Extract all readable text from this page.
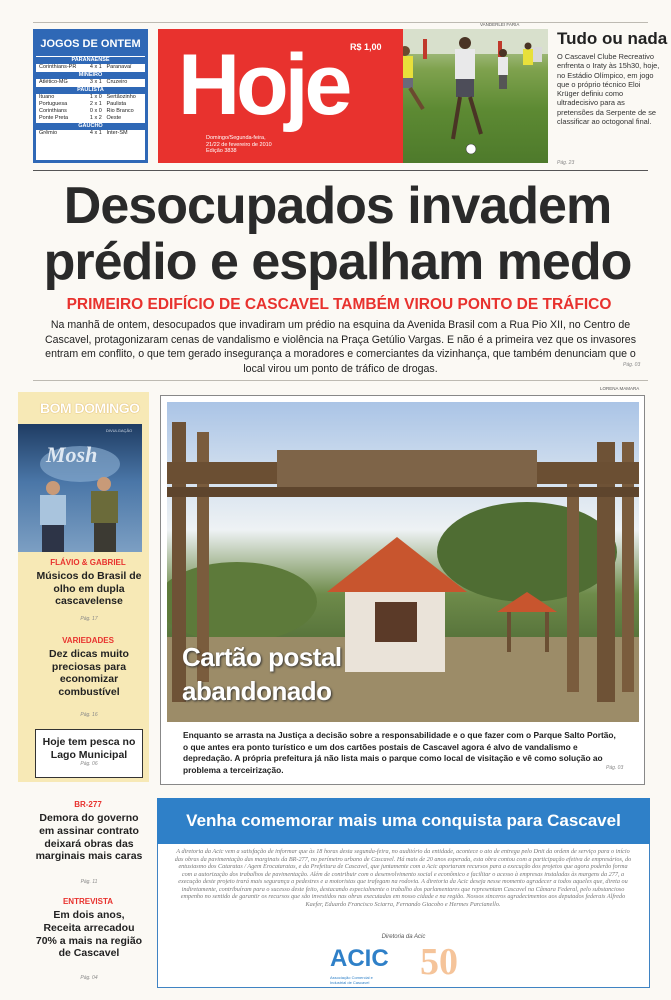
JOGOS DE ONTEM
PARANAENSE
Corinthians-PR	4 x 1 Paranavaí
MINEIRO
Atlético-MG	3 x 1 Cruzeiro
PAULISTA
Ituano	1 x 0 Sertãozinho
Portuguesa	2 x 1 Paulista
Corinthians	0 x 0 Rio Branco
Ponte Preta	1 x 2 Oeste
GAÚCHO
Grêmio	4 x 1 Inter-SM Hoje R$ 1,00
Domingo/Segunda-feira,
21/22 de fevereiro de 2010
Edição 3838
VANDERLEI FARIA
Tudo ou nada
O Cascavel Clube Recreativo enfrenta o Iraty às 15h30, hoje, no Estádio Olímpico, em jogo que o próprio técnico Eloi Krüger definiu como ultradecisivo para as pretensões da Serpente de se classificar ao octogonal final.
Pág. 23
Desocupados invadem
prédio e espalham medo
PRIMEIRO EDIFÍCIO DE CASCAVEL TAMBÉM VIROU PONTO DE TRÁFICO
Na manhã de ontem, desocupados que invadiram um prédio na esquina da Avenida Brasil com a Rua Pio XII, no Centro de Cascavel, protagonizaram cenas de vandalismo e violência na Praça Getúlio Vargas. E não é a primeira vez que os invasores entram em conflito, o que tem gerado insegurança a moradores e comerciantes da vizinhança, que também denunciam que o local virou um ponto de tráfico de drogas.	Pág. 03
BOM DOMINGO
Mosh
DIVULGAÇÃO
FLÁVIO & GABRIEL
Músicos do Brasil de olho em dupla cascavelense
Pág. 17
VARIEDADES
Dez dicas muito preciosas para economizar combustível
Pág. 16
Hoje tem pesca no Lago Municipal
Pág. 06
LORENA MAMARA
Cartão postal
abandonado
Enquanto se arrasta na Justiça a decisão sobre a responsabilidade e o que fazer com o Parque Salto Portão, o que antes era ponto turístico e um dos cartões postais de Cascavel agora é alvo de vandalismo e depredação. A própria prefeitura já não lista mais o parque como local de visitação e vê como solução ao problema a terceirização.	Pág. 03
BR-277
Demora do governo em assinar contrato deixará obras das marginais mais caras
Pág. 11
ENTREVISTA
Em dois anos, Receita arrecadou 70% a mais na região de Cascavel
Pág. 04
Venha comemorar mais uma conquista para Cascavel
A diretoria da Acic vem a satisfação de informar que às 18 horas desta segunda-feira, no auditório da entidade, acontece o ato de entrega pelo Dnit da ordem de serviço para o início das obras da pavimentação das marginais da BR-277, no perímetro urbano de Cascavel. Há mais de 20 anos esperada, esta obra contou com a participação efetiva de empresários, do entusiasmo dos Cataratas / Agem Erocataratas, e da Prefeitura de Cascavel, que juntamente com a Acic aportaram recursos para a execução dos projetos que agora poderão forma com a autorização dos trabalhos de pavimentação. Além de contribuir com o desenvolvimento social e econômico e facilitar o acesso à empresas instaladas às margens da 277, a execução deste projeto trará mais segurança a pedestres e a motoristas que trafegam na rodovia. A diretoria da Acic deseja nesse momento agradecer a todos aqueles que, direta ou indiretamente, contribuíram para o sucesso deste feito, destacando especialmente o trabalho dos parlamentares que representam Cascavel na Câmara Federal, pelo substancioso empenho no sentido de garantir os recursos que são investidos nas obras executadas em nosso cidade e na região. Nossos sinceros agradecimentos aos deputados federais Alfredo Kaefer, Eduardo Francisco Sciarra, Fernando Giacobo e Hermes Parcianello.
Diretoria da Acic
ACIC
Associação Comercial e
Industrial de Cascavel 50
